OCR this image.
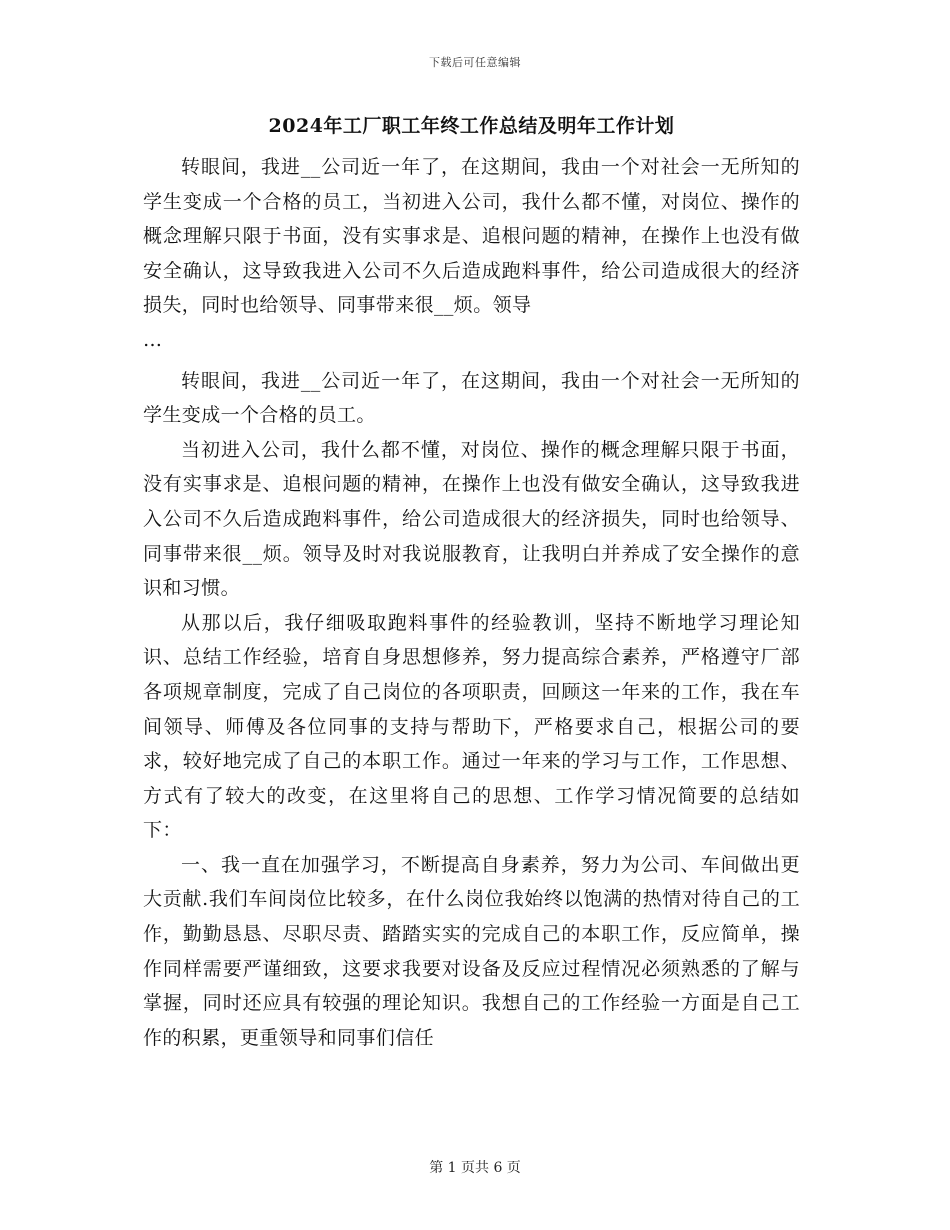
下载后可任意编辑
2024年工厂职工年终工作总结及明年工作计划

转眼间，我进__公司近一年了，在这期间，我由一个对社会一无所知的学生变成一个合格的员工，当初进入公司，我什么都不懂，对岗位、操作的概念理解只限于书面，没有实事求是、追根问题的精神，在操作上也没有做安全确认，这导致我进入公司不久后造成跑料事件，给公司造成很大的经济损失，同时也给领导、同事带来很__烦。领导

…

转眼间，我进__公司近一年了，在这期间，我由一个对社会一无所知的学生变成一个合格的员工。

当初进入公司，我什么都不懂，对岗位、操作的概念理解只限于书面，没有实事求是、追根问题的精神，在操作上也没有做安全确认，这导致我进入公司不久后造成跑料事件，给公司造成很大的经济损失，同时也给领导、同事带来很__烦。领导及时对我说服教育，让我明白并养成了安全操作的意识和习惯。

从那以后，我仔细吸取跑料事件的经验教训，坚持不断地学习理论知识、总结工作经验，培育自身思想修养，努力提高综合素养，严格遵守厂部各项规章制度，完成了自己岗位的各项职责，回顾这一年来的工作，我在车间领导、师傅及各位同事的支持与帮助下，严格要求自己，根据公司的要求，较好地完成了自己的本职工作。通过一年来的学习与工作，工作思想、方式有了较大的改变，在这里将自己的思想、工作学习情况简要的总结如下：

一、我一直在加强学习，不断提高自身素养，努力为公司、车间做出更大贡献.我们车间岗位比较多，在什么岗位我始终以饱满的热情对待自己的工作，勤勤恳恳、尽职尽责、踏踏实实的完成自己的本职工作，反应简单，操作同样需要严谨细致，这要求我要对设备及反应过程情况必须熟悉的了解与掌握，同时还应具有较强的理论知识。我想自己的工作经验一方面是自己工作的积累，更重领导和同事们信任

第 1 页共 6 页
